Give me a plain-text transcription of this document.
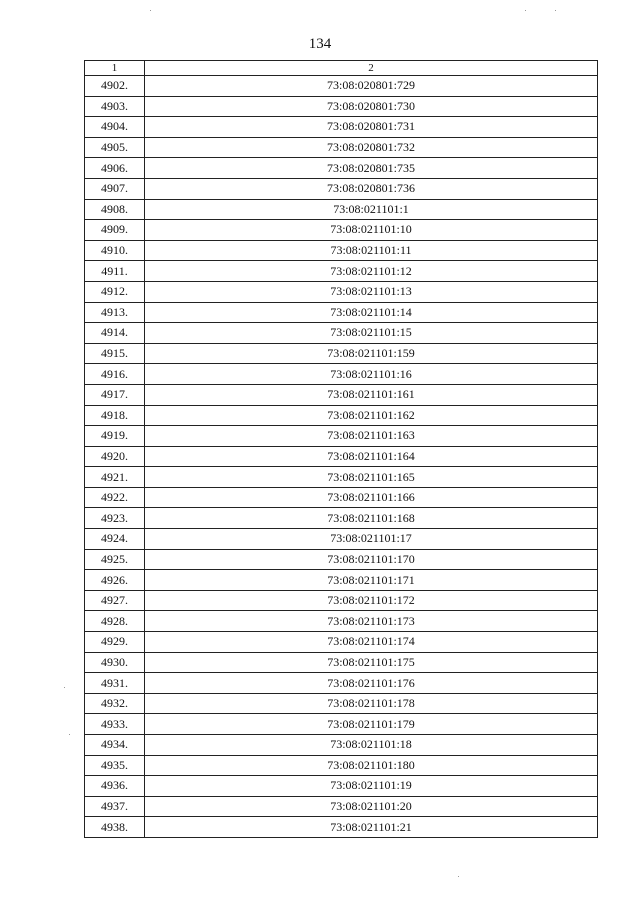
134
1	2
4902.	73:08:020801:729
4903.	73:08:020801:730
4904.	73:08:020801:731
4905.	73:08:020801:732
4906.	73:08:020801:735
4907.	73:08:020801:736
4908.	73:08:021101:1
4909.	73:08:021101:10
4910.	73:08:021101:11
4911.	73:08:021101:12
4912.	73:08:021101:13
4913.	73:08:021101:14
4914.	73:08:021101:15
4915.	73:08:021101:159
4916.	73:08:021101:16
4917.	73:08:021101:161
4918.	73:08:021101:162
4919.	73:08:021101:163
4920.	73:08:021101:164
4921.	73:08:021101:165
4922.	73:08:021101:166
4923.	73:08:021101:168
4924.	73:08:021101:17
4925.	73:08:021101:170
4926.	73:08:021101:171
4927.	73:08:021101:172
4928.	73:08:021101:173
4929.	73:08:021101:174
4930.	73:08:021101:175
4931.	73:08:021101:176
4932.	73:08:021101:178
4933.	73:08:021101:179
4934.	73:08:021101:18
4935.	73:08:021101:180
4936.	73:08:021101:19
4937.	73:08:021101:20
4938.	73:08:021101:21
